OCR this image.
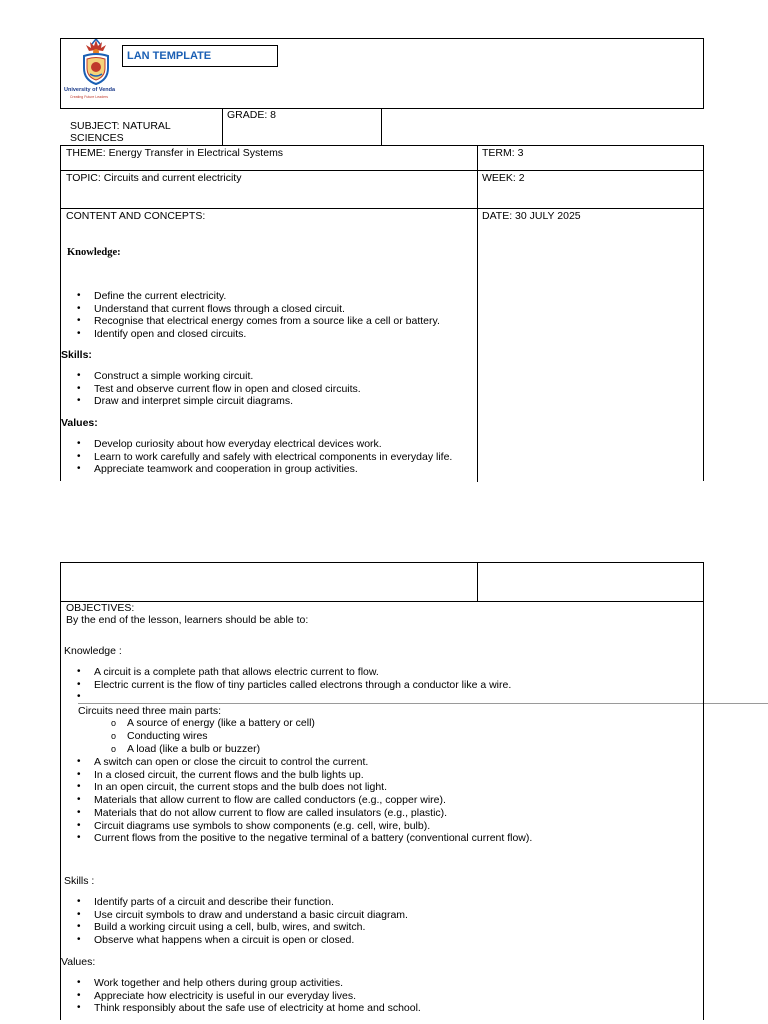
University of Venda
Creating Future Leaders
LAN TEMPLATE
SUBJECT: NATURAL SCIENCES
GRADE: 8
THEME: Energy Transfer in Electrical Systems	TERM: 3
TOPIC: Circuits and current electricity	WEEK: 2
CONTENT AND CONCEPTS:	DATE: 30 JULY 2025
Knowledge:
• Define the current electricity.
• Understand that current flows through a closed circuit.
• Recognise that electrical energy comes from a source like a cell or battery.
• Identify open and closed circuits.
Skills:
• Construct a simple working circuit.
• Test and observe current flow in open and closed circuits.
• Draw and interpret simple circuit diagrams.
Values:
• Develop curiosity about how everyday electrical devices work.
• Learn to work carefully and safely with electrical components in everyday life.
• Appreciate teamwork and cooperation in group activities.
OBJECTIVES:
By the end of the lesson, learners should be able to:
Knowledge :
• A circuit is a complete path that allows electric current to flow.
• Electric current is the flow of tiny particles called electrons through a conductor like a wire.
•
Circuits need three main parts:
o A source of energy (like a battery or cell)
o Conducting wires
o A load (like a bulb or buzzer)
• A switch can open or close the circuit to control the current.
• In a closed circuit, the current flows and the bulb lights up.
• In an open circuit, the current stops and the bulb does not light.
• Materials that allow current to flow are called conductors (e.g., copper wire).
• Materials that do not allow current to flow are called insulators (e.g., plastic).
• Circuit diagrams use symbols to show components (e.g. cell, wire, bulb).
• Current flows from the positive to the negative terminal of a battery (conventional current flow).
Skills :
• Identify parts of a circuit and describe their function.
• Use circuit symbols to draw and understand a basic circuit diagram.
• Build a working circuit using a cell, bulb, wires, and switch.
• Observe what happens when a circuit is open or closed.
Values:
• Work together and help others during group activities.
• Appreciate how electricity is useful in our everyday lives.
• Think responsibly about the safe use of electricity at home and school.
